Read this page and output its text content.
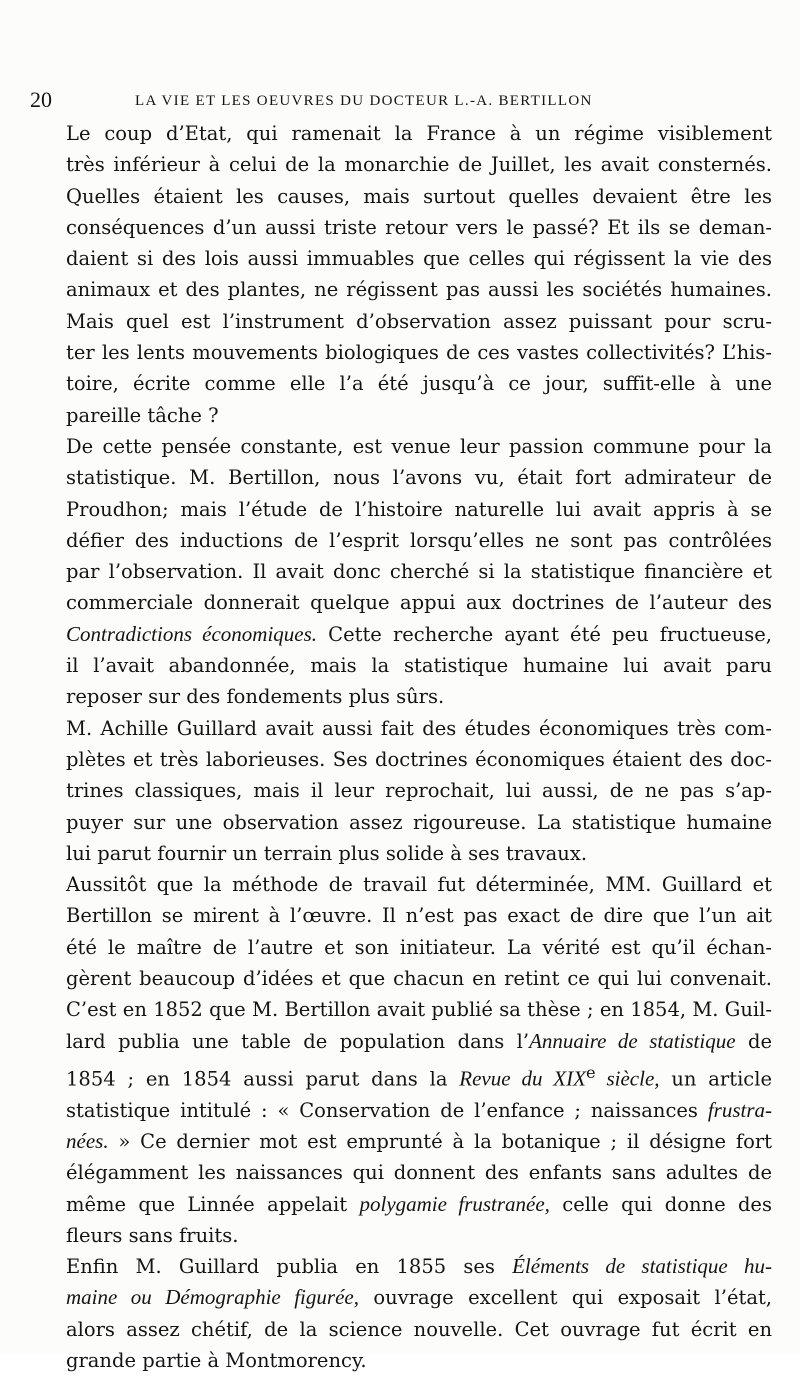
20	LA VIE ET LES OEUVRES DU DOCTEUR L.-A. BERTILLON

Le coup d’Etat, qui ramenait la France à un régime visiblement
très inférieur à celui de la monarchie de Juillet, les avait consternés.
Quelles étaient les causes, mais surtout quelles devaient être les
conséquences d’un aussi triste retour vers le passé? Et ils se deman-
daient si des lois aussi immuables que celles qui régissent la vie des
animaux et des plantes, ne régissent pas aussi les sociétés humaines.
Mais quel est l’instrument d’observation assez puissant pour scru-
ter les lents mouvements biologiques de ces vastes collectivités? L’his-
toire, écrite comme elle l’a été jusqu’à ce jour, suffit-elle à une
pareille tâche ?

De cette pensée constante, est venue leur passion commune pour la
statistique. M. Bertillon, nous l’avons vu, était fort admirateur de
Proudhon; mais l’étude de l’histoire naturelle lui avait appris à se
défier des inductions de l’esprit lorsqu’elles ne sont pas contrôlées
par l’observation. Il avait donc cherché si la statistique financière et
commerciale donnerait quelque appui aux doctrines de l’auteur des
Contradictions économiques. Cette recherche ayant été peu fructueuse,
il l’avait abandonnée, mais la statistique humaine lui avait paru
reposer sur des fondements plus sûrs.

M. Achille Guillard avait aussi fait des études économiques très com-
plètes et très laborieuses. Ses doctrines économiques étaient des doc-
trines classiques, mais il leur reprochait, lui aussi, de ne pas s’ap-
puyer sur une observation assez rigoureuse. La statistique humaine
lui parut fournir un terrain plus solide à ses travaux.

Aussitôt que la méthode de travail fut déterminée, MM. Guillard et
Bertillon se mirent à l’œuvre. Il n’est pas exact de dire que l’un ait
été le maître de l’autre et son initiateur. La vérité est qu’il échan-
gèrent beaucoup d’idées et que chacun en retint ce qui lui convenait.
C’est en 1852 que M. Bertillon avait publié sa thèse ; en 1854, M. Guil-
lard publia une table de population dans l’Annuaire de statistique de
1854 ; en 1854 aussi parut dans la Revue du XIXe siècle, un article
statistique intitulé : « Conservation de l’enfance ; naissances frustra-
nées. » Ce dernier mot est emprunté à la botanique ; il désigne fort
élégamment les naissances qui donnent des enfants sans adultes de
même que Linnée appelait polygamie frustranée, celle qui donne des
fleurs sans fruits.

Enfin M. Guillard publia en 1855 ses Éléments de statistique hu-
maine ou Démographie figurée, ouvrage excellent qui exposait l’état,
alors assez chétif, de la science nouvelle. Cet ouvrage fut écrit en
grande partie à Montmorency.
